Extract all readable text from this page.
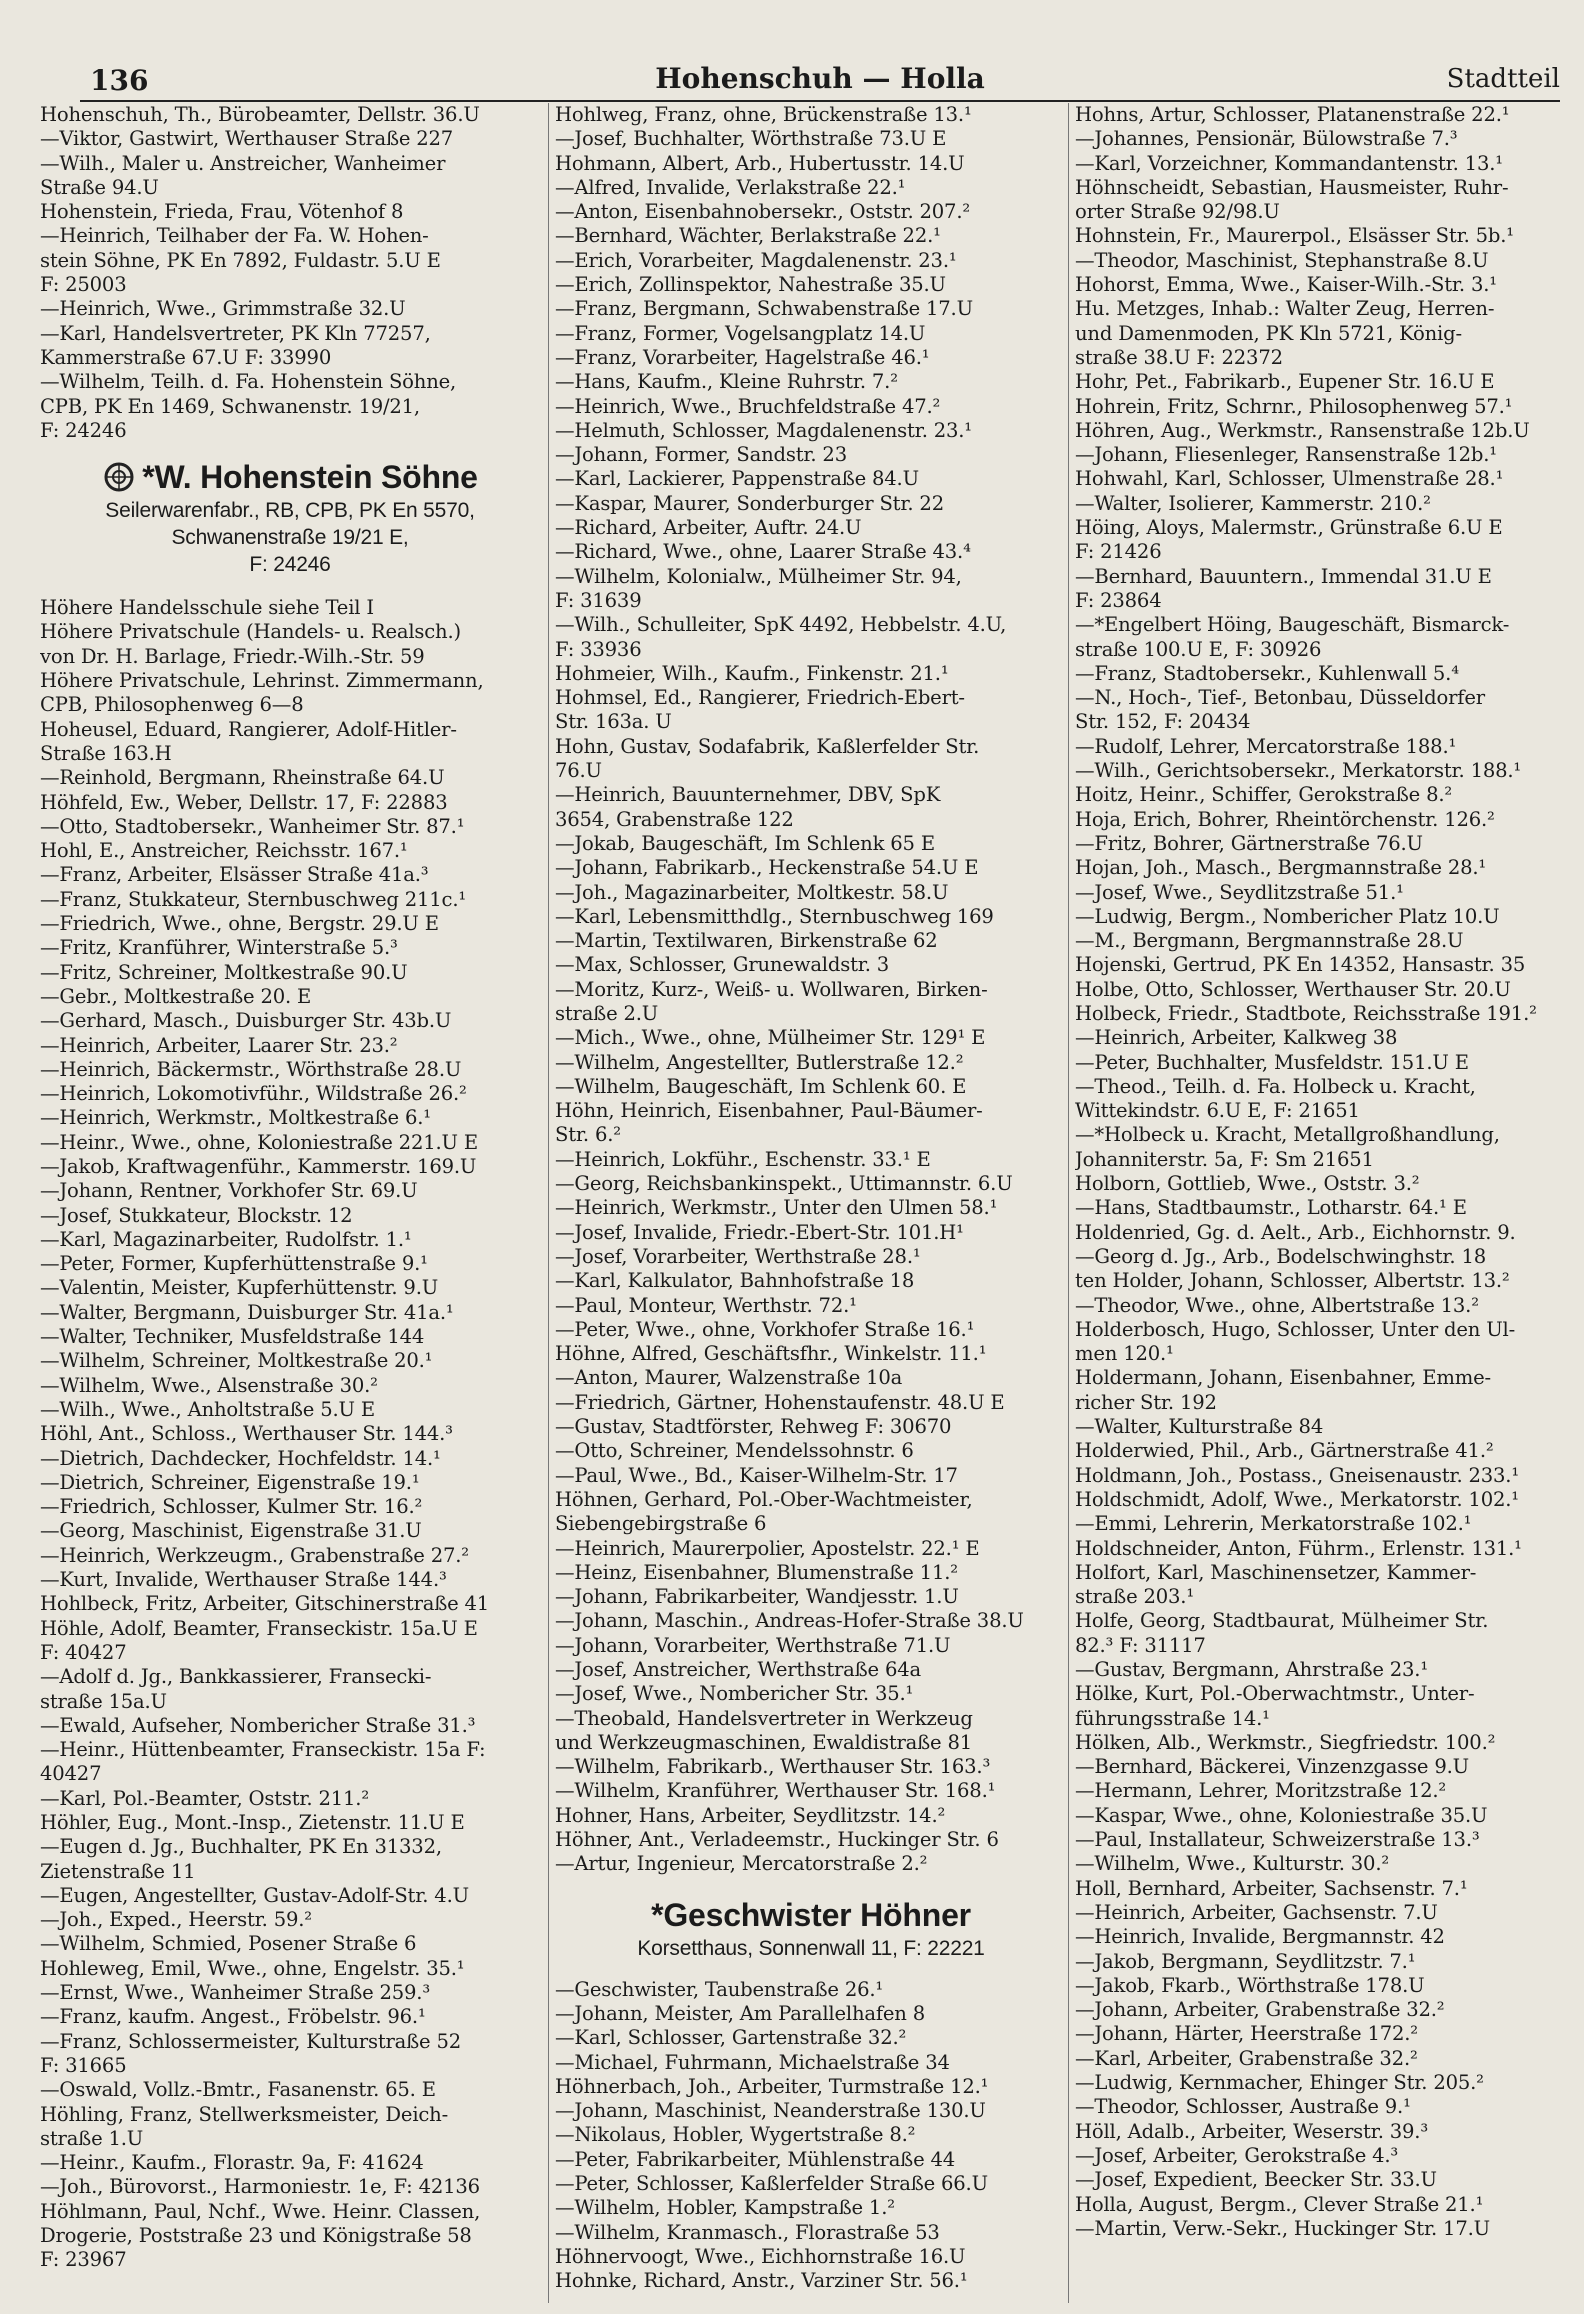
136	Hohenschuh — Holla	Stadtteil
Hohenschuh, Th., Bürobeamter, Dellstr. 36.U
—Viktor, Gastwirt, Werthauser Straße 227
—Wilh., Maler u. Anstreicher, Wanheimer
Straße 94.U
Hohenstein, Frieda, Frau, Vötenhof 8
—Heinrich, Teilhaber der Fa. W. Hohen-
stein Söhne, PK En 7892, Fuldastr. 5.U E
F: 25003
—Heinrich, Wwe., Grimmstraße 32.U
—Karl, Handelsvertreter, PK Kln 77257,
Kammerstraße 67.U F: 33990
—Wilhelm, Teilh. d. Fa. Hohenstein Söhne,
CPB, PK En 1469, Schwanenstr. 19/21,
F: 24246
*W. Hohenstein Söhne
Seilerwarenfabr., RB, CPB, PK En 5570,
Schwanenstraße 19/21 E,
F: 24246
Höhere Handelsschule siehe Teil I
Höhere Privatschule (Handels- u. Realsch.)
von Dr. H. Barlage, Friedr.-Wilh.-Str. 59
Höhere Privatschule, Lehrinst. Zimmermann,
CPB, Philosophenweg 6—8
Hoheusel, Eduard, Rangierer, Adolf-Hitler-
Straße 163.H
—Reinhold, Bergmann, Rheinstraße 64.U
Höhfeld, Ew., Weber, Dellstr. 17, F: 22883
—Otto, Stadtobersekr., Wanheimer Str. 87.¹
Hohl, E., Anstreicher, Reichsstr. 167.¹
—Franz, Arbeiter, Elsässer Straße 41a.³
—Franz, Stukkateur, Sternbuschweg 211c.¹
—Friedrich, Wwe., ohne, Bergstr. 29.U E
—Fritz, Kranführer, Winterstraße 5.³
—Fritz, Schreiner, Moltkestraße 90.U
—Gebr., Moltkestraße 20. E
—Gerhard, Masch., Duisburger Str. 43b.U
—Heinrich, Arbeiter, Laarer Str. 23.²
—Heinrich, Bäckermstr., Wörthstraße 28.U
—Heinrich, Lokomotivführ., Wildstraße 26.²
—Heinrich, Werkmstr., Moltkestraße 6.¹
—Heinr., Wwe., ohne, Koloniestraße 221.U E
—Jakob, Kraftwagenführ., Kammerstr. 169.U
—Johann, Rentner, Vorkhofer Str. 69.U
—Josef, Stukkateur, Blockstr. 12
—Karl, Magazinarbeiter, Rudolfstr. 1.¹
—Peter, Former, Kupferhüttenstraße 9.¹
—Valentin, Meister, Kupferhüttenstr. 9.U
—Walter, Bergmann, Duisburger Str. 41a.¹
—Walter, Techniker, Musfeldstraße 144
—Wilhelm, Schreiner, Moltkestraße 20.¹
—Wilhelm, Wwe., Alsenstraße 30.²
—Wilh., Wwe., Anholtstraße 5.U E
Höhl, Ant., Schloss., Werthauser Str. 144.³
—Dietrich, Dachdecker, Hochfeldstr. 14.¹
—Dietrich, Schreiner, Eigenstraße 19.¹
—Friedrich, Schlosser, Kulmer Str. 16.²
—Georg, Maschinist, Eigenstraße 31.U
—Heinrich, Werkzeugm., Grabenstraße 27.²
—Kurt, Invalide, Werthauser Straße 144.³
Hohlbeck, Fritz, Arbeiter, Gitschinerstraße 41
Höhle, Adolf, Beamter, Franseckistr. 15a.U E
F: 40427
—Adolf d. Jg., Bankkassierer, Fransecki-
straße 15a.U
—Ewald, Aufseher, Nombericher Straße 31.³
—Heinr., Hüttenbeamter, Franseckistr. 15a F:
40427
—Karl, Pol.-Beamter, Oststr. 211.²
Höhler, Eug., Mont.-Insp., Zietenstr. 11.U E
—Eugen d. Jg., Buchhalter, PK En 31332,
Zietenstraße 11
—Eugen, Angestellter, Gustav-Adolf-Str. 4.U
—Joh., Exped., Heerstr. 59.²
—Wilhelm, Schmied, Posener Straße 6
Hohleweg, Emil, Wwe., ohne, Engelstr. 35.¹
—Ernst, Wwe., Wanheimer Straße 259.³
—Franz, kaufm. Angest., Fröbelstr. 96.¹
—Franz, Schlossermeister, Kulturstraße 52
F: 31665
—Oswald, Vollz.-Bmtr., Fasanenstr. 65. E
Höhling, Franz, Stellwerksmeister, Deich-
straße 1.U
—Heinr., Kaufm., Florastr. 9a, F: 41624
—Joh., Bürovorst., Harmoniestr. 1e, F: 42136
Höhlmann, Paul, Nchf., Wwe. Heinr. Classen,
Drogerie, Poststraße 23 und Königstraße 58
F: 23967
Hohlweg, Franz, ohne, Brückenstraße 13.¹
—Josef, Buchhalter, Wörthstraße 73.U E
Hohmann, Albert, Arb., Hubertusstr. 14.U
—Alfred, Invalide, Verlakstraße 22.¹
—Anton, Eisenbahnobersekr., Oststr. 207.²
—Bernhard, Wächter, Berlakstraße 22.¹
—Erich, Vorarbeiter, Magdalenenstr. 23.¹
—Erich, Zollinspektor, Nahestraße 35.U
—Franz, Bergmann, Schwabenstraße 17.U
—Franz, Former, Vogelsangplatz 14.U
—Franz, Vorarbeiter, Hagelstraße 46.¹
—Hans, Kaufm., Kleine Ruhrstr. 7.²
—Heinrich, Wwe., Bruchfeldstraße 47.²
—Helmuth, Schlosser, Magdalenenstr. 23.¹
—Johann, Former, Sandstr. 23
—Karl, Lackierer, Pappenstraße 84.U
—Kaspar, Maurer, Sonderburger Str. 22
—Richard, Arbeiter, Auftr. 24.U
—Richard, Wwe., ohne, Laarer Straße 43.⁴
—Wilhelm, Kolonialw., Mülheimer Str. 94,
F: 31639
—Wilh., Schulleiter, SpK 4492, Hebbelstr. 4.U,
F: 33936
Hohmeier, Wilh., Kaufm., Finkenstr. 21.¹
Hohmsel, Ed., Rangierer, Friedrich-Ebert-
Str. 163a. U
Hohn, Gustav, Sodafabrik, Kaßlerfelder Str.
76.U
—Heinrich, Bauunternehmer, DBV, SpK
3654, Grabenstraße 122
—Jokab, Baugeschäft, Im Schlenk 65 E
—Johann, Fabrikarb., Heckenstraße 54.U E
—Joh., Magazinarbeiter, Moltkestr. 58.U
—Karl, Lebensmitthdlg., Sternbuschweg 169
—Martin, Textilwaren, Birkenstraße 62
—Max, Schlosser, Grunewaldstr. 3
—Moritz, Kurz-, Weiß- u. Wollwaren, Birken-
straße 2.U
—Mich., Wwe., ohne, Mülheimer Str. 129¹ E
—Wilhelm, Angestellter, Butlerstraße 12.²
—Wilhelm, Baugeschäft, Im Schlenk 60. E
Höhn, Heinrich, Eisenbahner, Paul-Bäumer-
Str. 6.²
—Heinrich, Lokführ., Eschenstr. 33.¹ E
—Georg, Reichsbankinspekt., Uttimannstr. 6.U
—Heinrich, Werkmstr., Unter den Ulmen 58.¹
—Josef, Invalide, Friedr.-Ebert-Str. 101.H¹
—Josef, Vorarbeiter, Werthstraße 28.¹
—Karl, Kalkulator, Bahnhofstraße 18
—Paul, Monteur, Werthstr. 72.¹
—Peter, Wwe., ohne, Vorkhofer Straße 16.¹
Höhne, Alfred, Geschäftsfhr., Winkelstr. 11.¹
—Anton, Maurer, Walzenstraße 10a
—Friedrich, Gärtner, Hohenstaufenstr. 48.U E
—Gustav, Stadtförster, Rehweg F: 30670
—Otto, Schreiner, Mendelssohnstr. 6
—Paul, Wwe., Bd., Kaiser-Wilhelm-Str. 17
Höhnen, Gerhard, Pol.-Ober-Wachtmeister,
Siebengebirgstraße 6
—Heinrich, Maurerpolier, Apostelstr. 22.¹ E
—Heinz, Eisenbahner, Blumenstraße 11.²
—Johann, Fabrikarbeiter, Wandjesstr. 1.U
—Johann, Maschin., Andreas-Hofer-Straße 38.U
—Johann, Vorarbeiter, Werthstraße 71.U
—Josef, Anstreicher, Werthstraße 64a
—Josef, Wwe., Nombericher Str. 35.¹
—Theobald, Handelsvertreter in Werkzeug
und Werkzeugmaschinen, Ewaldistraße 81
—Wilhelm, Fabrikarb., Werthauser Str. 163.³
—Wilhelm, Kranführer, Werthauser Str. 168.¹
Hohner, Hans, Arbeiter, Seydlitzstr. 14.²
Höhner, Ant., Verladeemstr., Huckinger Str. 6
—Artur, Ingenieur, Mercatorstraße 2.²
*Geschwister Höhner
Korsetthaus, Sonnenwall 11, F: 22221
—Geschwister, Taubenstraße 26.¹
—Johann, Meister, Am Parallelhafen 8
—Karl, Schlosser, Gartenstraße 32.²
—Michael, Fuhrmann, Michaelstraße 34
Höhnerbach, Joh., Arbeiter, Turmstraße 12.¹
—Johann, Maschinist, Neanderstraße 130.U
—Nikolaus, Hobler, Wygertstraße 8.²
—Peter, Fabrikarbeiter, Mühlenstraße 44
—Peter, Schlosser, Kaßlerfelder Straße 66.U
—Wilhelm, Hobler, Kampstraße 1.²
—Wilhelm, Kranmasch., Florastraße 53
Höhnervoogt, Wwe., Eichhornstraße 16.U
Hohnke, Richard, Anstr., Varziner Str. 56.¹
Hohns, Artur, Schlosser, Platanenstraße 22.¹
—Johannes, Pensionär, Bülowstraße 7.³
—Karl, Vorzeichner, Kommandantenstr. 13.¹
Höhnscheidt, Sebastian, Hausmeister, Ruhr-
orter Straße 92/98.U
Hohnstein, Fr., Maurerpol., Elsässer Str. 5b.¹
—Theodor, Maschinist, Stephanstraße 8.U
Hohorst, Emma, Wwe., Kaiser-Wilh.-Str. 3.¹
Hu. Metzges, Inhab.: Walter Zeug, Herren-
und Damenmoden, PK Kln 5721, König-
straße 38.U F: 22372
Hohr, Pet., Fabrikarb., Eupener Str. 16.U E
Hohrein, Fritz, Schrnr., Philosophenweg 57.¹
Höhren, Aug., Werkmstr., Ransenstraße 12b.U
—Johann, Fliesenleger, Ransenstraße 12b.¹
Hohwahl, Karl, Schlosser, Ulmenstraße 28.¹
—Walter, Isolierer, Kammerstr. 210.²
Höing, Aloys, Malermstr., Grünstraße 6.U E
F: 21426
—Bernhard, Bauuntern., Immendal 31.U E
F: 23864
—*Engelbert Höing, Baugeschäft, Bismarck-
straße 100.U E, F: 30926
—Franz, Stadtobersekr., Kuhlenwall 5.⁴
—N., Hoch-, Tief-, Betonbau, Düsseldorfer
Str. 152, F: 20434
—Rudolf, Lehrer, Mercatorstraße 188.¹
—Wilh., Gerichtsobersekr., Merkatorstr. 188.¹
Hoitz, Heinr., Schiffer, Gerokstraße 8.²
Hoja, Erich, Bohrer, Rheintörchenstr. 126.²
—Fritz, Bohrer, Gärtnerstraße 76.U
Hojan, Joh., Masch., Bergmannstraße 28.¹
—Josef, Wwe., Seydlitzstraße 51.¹
—Ludwig, Bergm., Nombericher Platz 10.U
—M., Bergmann, Bergmannstraße 28.U
Hojenski, Gertrud, PK En 14352, Hansastr. 35
Holbe, Otto, Schlosser, Werthauser Str. 20.U
Holbeck, Friedr., Stadtbote, Reichsstraße 191.²
—Heinrich, Arbeiter, Kalkweg 38
—Peter, Buchhalter, Musfeldstr. 151.U E
—Theod., Teilh. d. Fa. Holbeck u. Kracht,
Wittekindstr. 6.U E, F: 21651
—*Holbeck u. Kracht, Metallgroßhandlung,
Johanniterstr. 5a, F: Sm 21651
Holborn, Gottlieb, Wwe., Oststr. 3.²
—Hans, Stadtbaumstr., Lotharstr. 64.¹ E
Holdenried, Gg. d. Aelt., Arb., Eichhornstr. 9.
—Georg d. Jg., Arb., Bodelschwinghstr. 18
ten Holder, Johann, Schlosser, Albertstr. 13.²
—Theodor, Wwe., ohne, Albertstraße 13.²
Holderbosch, Hugo, Schlosser, Unter den Ul-
men 120.¹
Holdermann, Johann, Eisenbahner, Emme-
richer Str. 192
—Walter, Kulturstraße 84
Holderwied, Phil., Arb., Gärtnerstraße 41.²
Holdmann, Joh., Postass., Gneisenaustr. 233.¹
Holdschmidt, Adolf, Wwe., Merkatorstr. 102.¹
—Emmi, Lehrerin, Merkatorstraße 102.¹
Holdschneider, Anton, Führm., Erlenstr. 131.¹
Holfort, Karl, Maschinensetzer, Kammer-
straße 203.¹
Holfe, Georg, Stadtbaurat, Mülheimer Str.
82.³ F: 31117
—Gustav, Bergmann, Ahrstraße 23.¹
Hölke, Kurt, Pol.-Oberwachtmstr., Unter-
führungsstraße 14.¹
Hölken, Alb., Werkmstr., Siegfriedstr. 100.²
—Bernhard, Bäckerei, Vinzenzgasse 9.U
—Hermann, Lehrer, Moritzstraße 12.²
—Kaspar, Wwe., ohne, Koloniestraße 35.U
—Paul, Installateur, Schweizerstraße 13.³
—Wilhelm, Wwe., Kulturstr. 30.²
Holl, Bernhard, Arbeiter, Sachsenstr. 7.¹
—Heinrich, Arbeiter, Gachsenstr. 7.U
—Heinrich, Invalide, Bergmannstr. 42
—Jakob, Bergmann, Seydlitzstr. 7.¹
—Jakob, Fkarb., Wörthstraße 178.U
—Johann, Arbeiter, Grabenstraße 32.²
—Johann, Härter, Heerstraße 172.²
—Karl, Arbeiter, Grabenstraße 32.²
—Ludwig, Kernmacher, Ehinger Str. 205.²
—Theodor, Schlosser, Austraße 9.¹
Höll, Adalb., Arbeiter, Weserstr. 39.³
—Josef, Arbeiter, Gerokstraße 4.³
—Josef, Expedient, Beecker Str. 33.U
Holla, August, Bergm., Clever Straße 21.¹
—Martin, Verw.-Sekr., Huckinger Str. 17.U
